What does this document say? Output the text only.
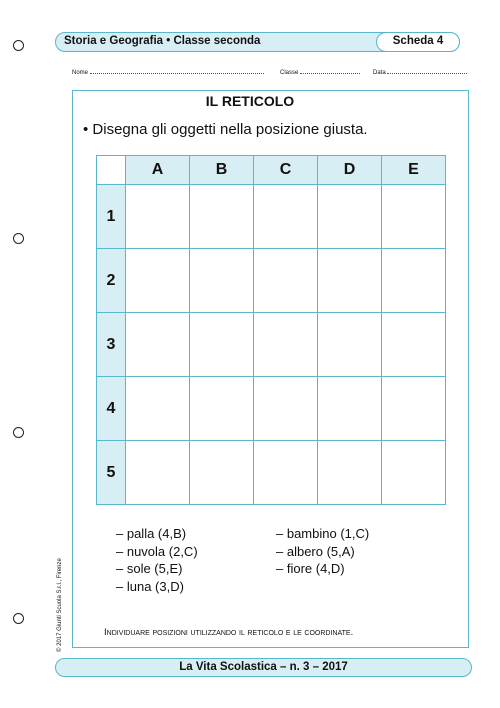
Storia e Geografia • Classe seconda	Scheda 4
Nome	Classe	Data
IL RETICOLO
• Disegna gli oggetti nella posizione giusta.
	A	B	C	D	E
1					
2					
3					
4					
5					
– palla (4,B)
– nuvola (2,C)
– sole (5,E)
– luna (3,D)
– bambino (1,C)
– albero (5,A)
– fiore (4,D)
Individuare posizioni utilizzando il reticolo e le coordinate.
© 2017 Giunti Scuola S.r.l., Firenze
La Vita Scolastica – n. 3 – 2017
